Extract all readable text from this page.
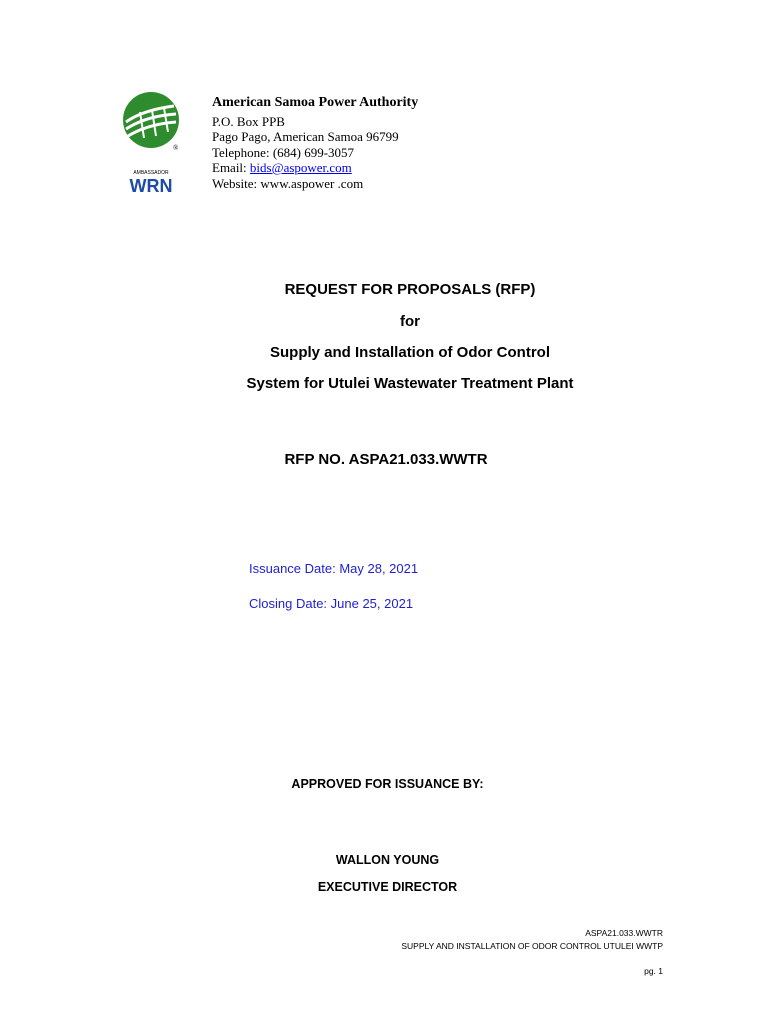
®
AMBASSADOR
WRN
American Samoa Power Authority
P.O. Box PPB
Pago Pago, American Samoa 96799
Telephone: (684) 699-3057
Email: bids@aspower.com
Website: www.aspower .com
REQUEST FOR PROPOSALS (RFP)
for
Supply and Installation of Odor Control
System for Utulei Wastewater Treatment Plant
RFP NO. ASPA21.033.WWTR
Issuance Date: May 28, 2021
Closing Date: June 25, 2021
APPROVED FOR ISSUANCE BY:
WALLON YOUNG
EXECUTIVE DIRECTOR
ASPA21.033.WWTR
SUPPLY AND INSTALLATION OF ODOR CONTROL UTULEI WWTP
pg. 1
